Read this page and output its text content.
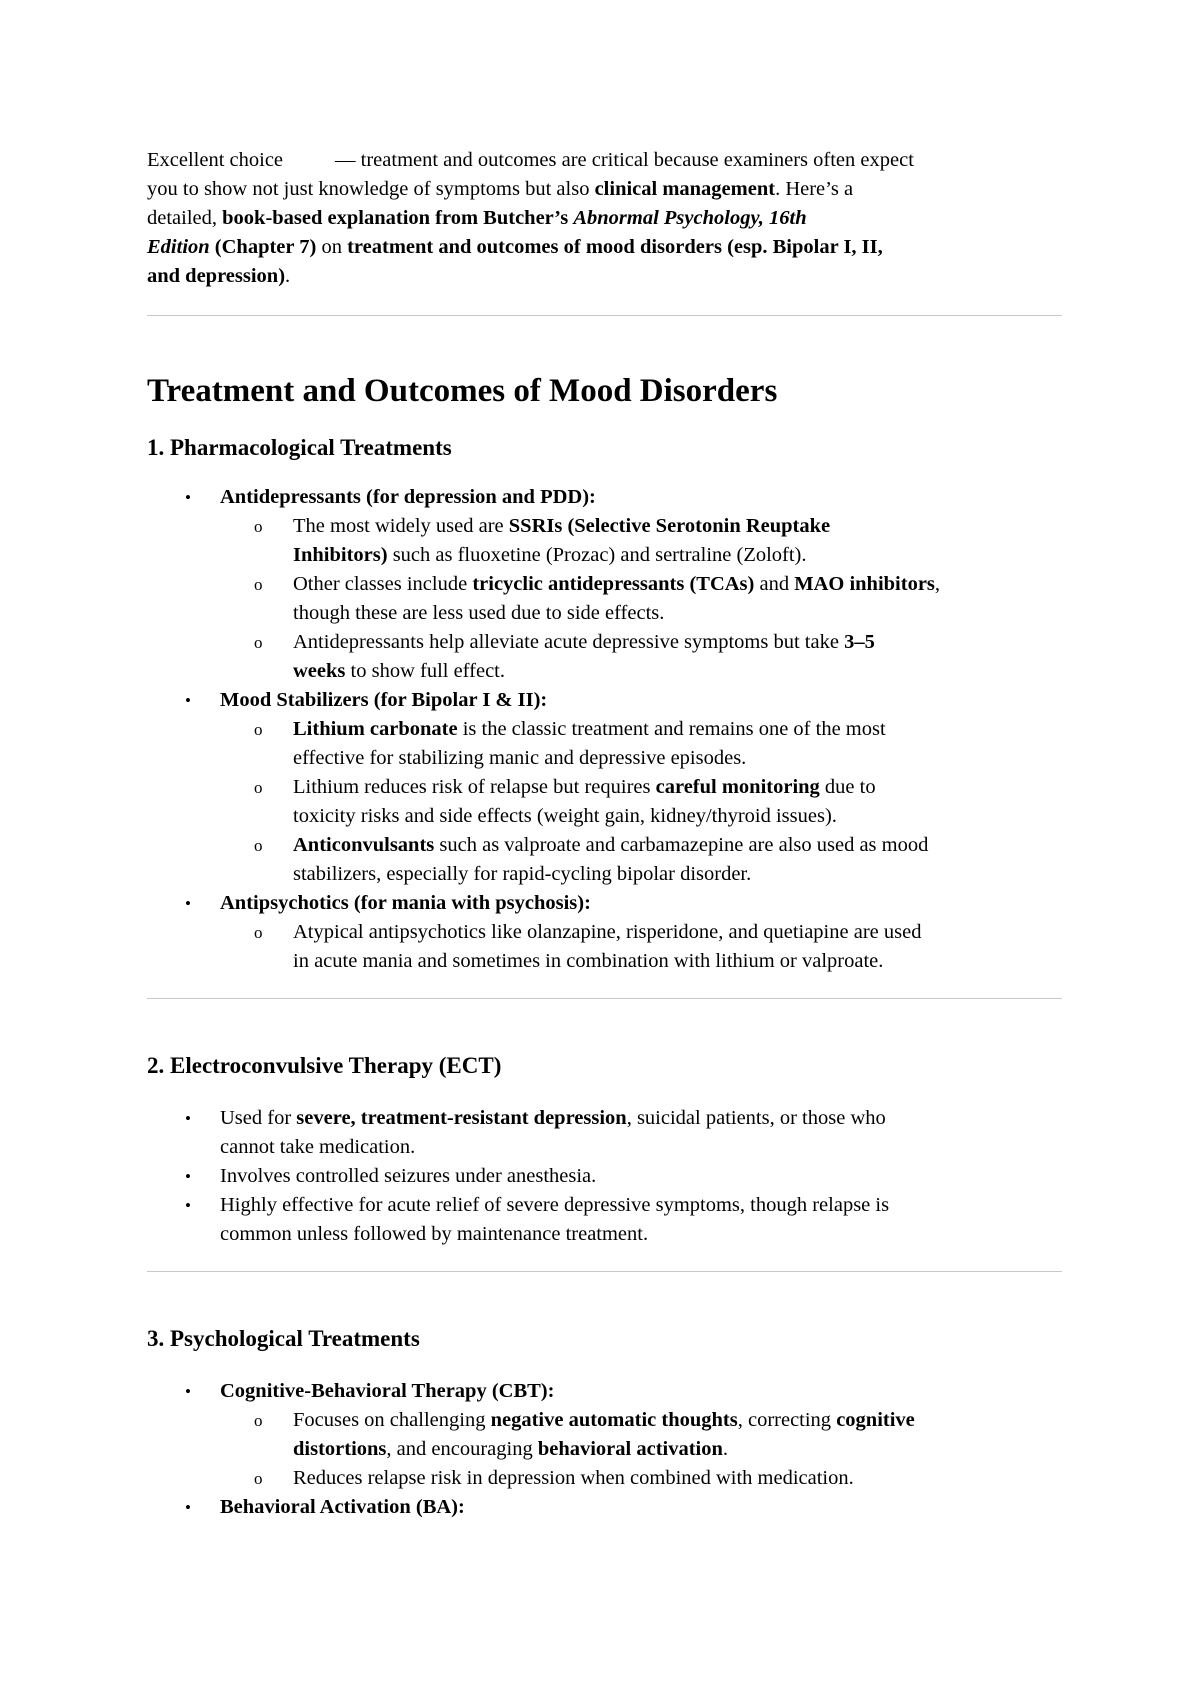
Excellent choice	— treatment and outcomes are critical because examiners often expect
you to show not just knowledge of symptoms but also clinical management. Here’s a
detailed, book-based explanation from Butcher’s Abnormal Psychology, 16th
Edition (Chapter 7) on treatment and outcomes of mood disorders (esp. Bipolar I, II,
and depression).

Treatment and Outcomes of Mood Disorders
1. Pharmacological Treatments
• Antidepressants (for depression and PDD):
o The most widely used are SSRIs (Selective Serotonin Reuptake
Inhibitors) such as fluoxetine (Prozac) and sertraline (Zoloft).
o Other classes include tricyclic antidepressants (TCAs) and MAO inhibitors,
though these are less used due to side effects.
o Antidepressants help alleviate acute depressive symptoms but take 3–5
weeks to show full effect.
• Mood Stabilizers (for Bipolar I & II):
o Lithium carbonate is the classic treatment and remains one of the most
effective for stabilizing manic and depressive episodes.
o Lithium reduces risk of relapse but requires careful monitoring due to
toxicity risks and side effects (weight gain, kidney/thyroid issues).
o Anticonvulsants such as valproate and carbamazepine are also used as mood
stabilizers, especially for rapid-cycling bipolar disorder.
• Antipsychotics (for mania with psychosis):
o Atypical antipsychotics like olanzapine, risperidone, and quetiapine are used
in acute mania and sometimes in combination with lithium or valproate.
2. Electroconvulsive Therapy (ECT)
• Used for severe, treatment-resistant depression, suicidal patients, or those who
cannot take medication.
• Involves controlled seizures under anesthesia.
• Highly effective for acute relief of severe depressive symptoms, though relapse is
common unless followed by maintenance treatment.
3. Psychological Treatments
• Cognitive-Behavioral Therapy (CBT):
o Focuses on challenging negative automatic thoughts, correcting cognitive
distortions, and encouraging behavioral activation.
o Reduces relapse risk in depression when combined with medication.
• Behavioral Activation (BA):
